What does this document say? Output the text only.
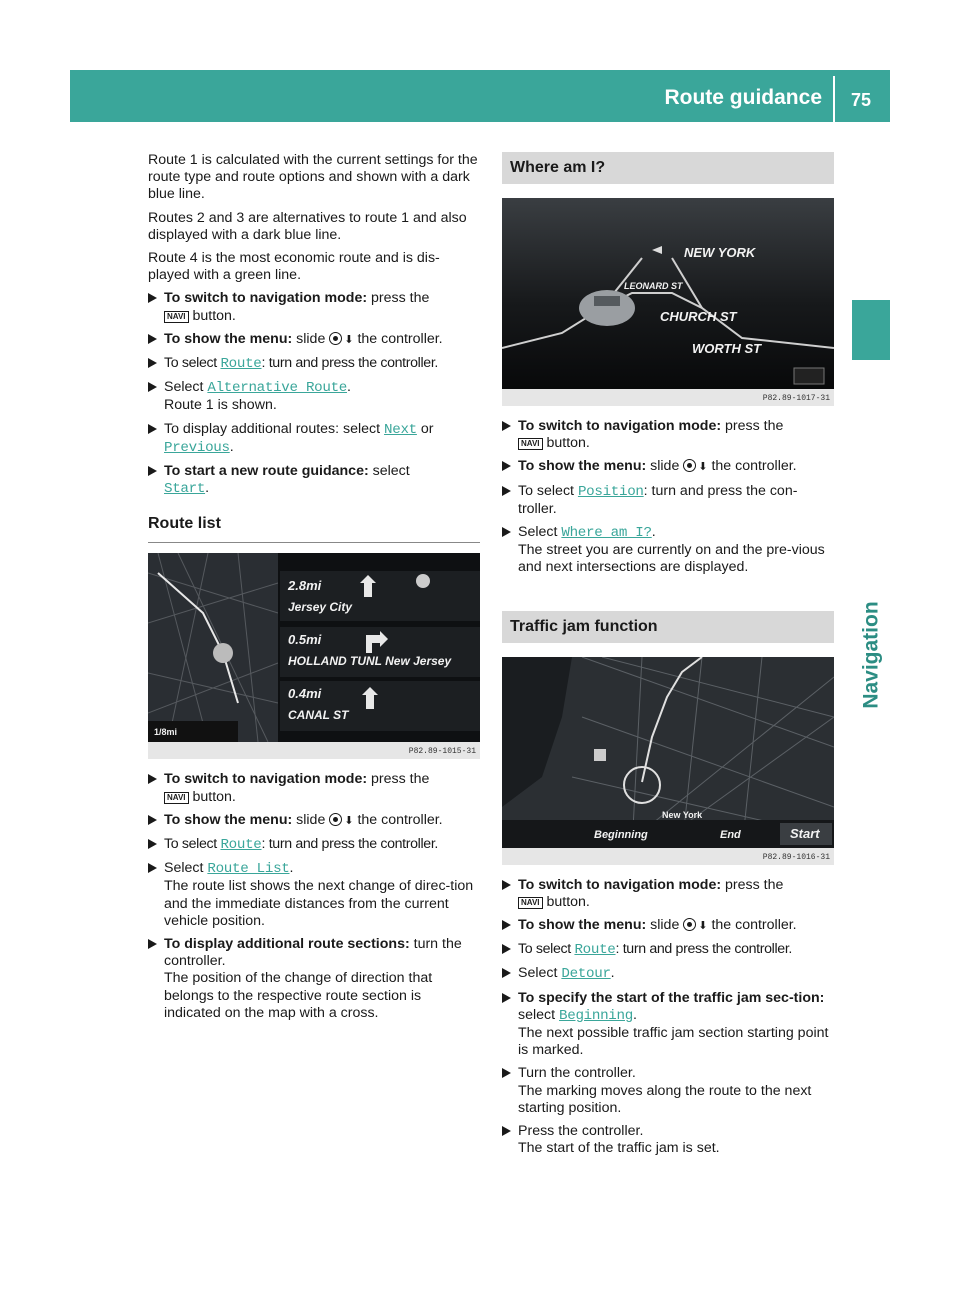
Route guidance 75
Navigation

Route 1 is calculated with the current settings for the route type and route options and shown with a dark blue line.

Routes 2 and 3 are alternatives to route 1 and also displayed with a dark blue line.

Route 4 is the most economic route and is dis-played with a green line.

To switch to navigation mode: press the
NAVI button.
To show the menu: slide ⬇ the controller.
To select Route: turn and press the controller.
Select Alternative Route.
Route 1 is shown.
To display additional routes: select Next or
Previous.
To start a new route guidance: select
Start.
Route list
2.8mi
Jersey City
0.5mi
HOLLAND TUNL New Jersey
0.4mi
CANAL ST
1/8mi
P82.89-1015-31
To switch to navigation mode: press the
NAVI button.
To show the menu: slide ⬇ the controller.
To select Route: turn and press the controller.
Select Route List.
The route list shows the next change of direc-tion and the immediate distances from the current vehicle position.
To display additional route sections: turn the controller.
The position of the change of direction that belongs to the respective route section is indicated on the map with a cross.
Where am I?
NEW YORK
LEONARD ST
CHURCH ST
WORTH ST
P82.89-1017-31
To switch to navigation mode: press the
NAVI button.
To show the menu: slide ⬇ the controller.
To select Position: turn and press the con-troller.
Select Where am I?.
The street you are currently on and the pre-vious and next intersections are displayed.
Traffic jam function
Beginning	End	Start
New York
P82.89-1016-31
To switch to navigation mode: press the
NAVI button.
To show the menu: slide ⬇ the controller.
To select Route: turn and press the controller.
Select Detour.
To specify the start of the traffic jam sec-tion: select Beginning.
The next possible traffic jam section starting point is marked.
Turn the controller.
The marking moves along the route to the next starting position.
Press the controller.
The start of the traffic jam is set.
